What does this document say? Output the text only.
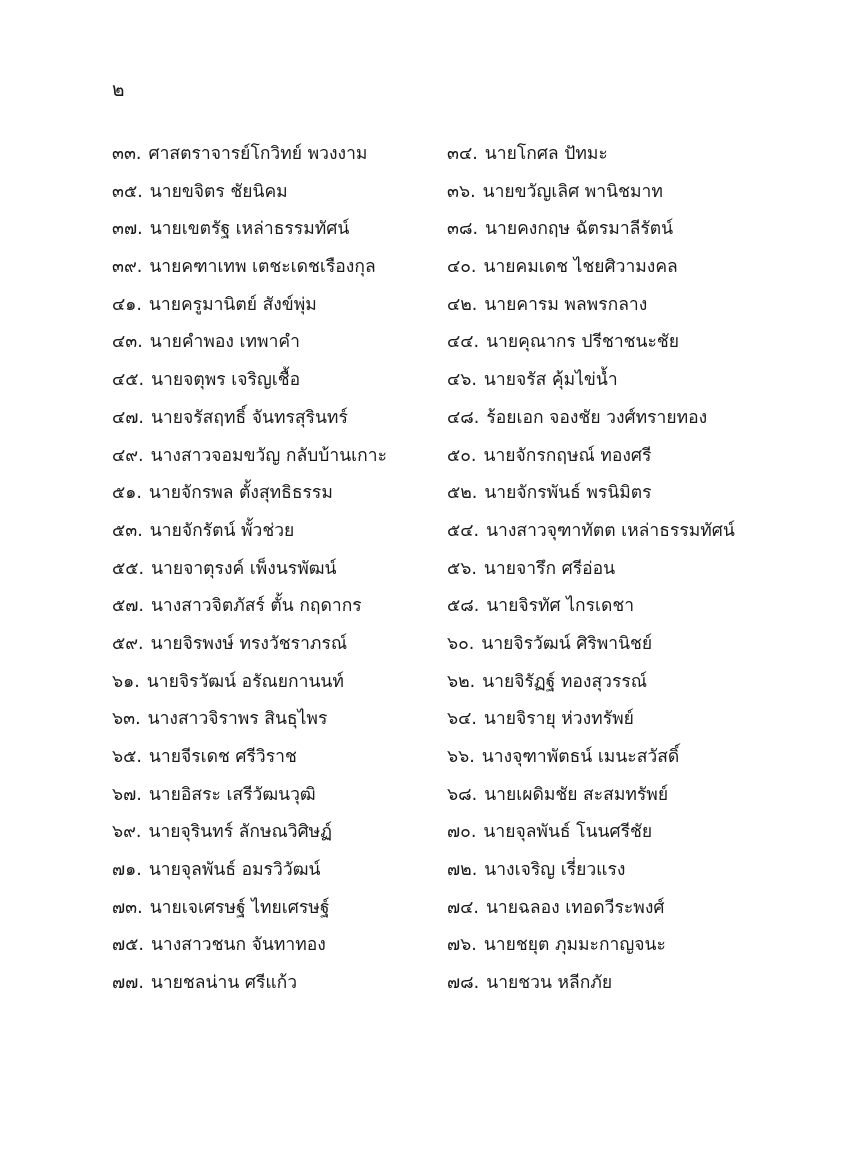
๒
๓๓. ศาสตราจารย์โกวิทย์ พวงงาม	๓๔. นายโกศล ปัทมะ
๓๕. นายขจิตร ชัยนิคม	๓๖. นายขวัญเลิศ พานิชมาท
๓๗. นายเขตรัฐ เหล่าธรรมทัศน์	๓๘. นายคงกฤษ ฉัตรมาลีรัตน์
๓๙. นายคฑาเทพ เตชะเดชเรืองกุล	๔๐. นายคมเดช ไชยศิวามงคล
๔๑. นายครูมานิตย์ สังข์พุ่ม	๔๒. นายคารม พลพรกลาง
๔๓. นายคำพอง เทพาคำ	๔๔. นายคุณากร ปรีชาชนะชัย
๔๕. นายจตุพร เจริญเชื้อ	๔๖. นายจรัส คุ้มไข่น้ำ
๔๗. นายจรัสฤทธิ์ จันทรสุรินทร์	๔๘. ร้อยเอก จองชัย วงศ์ทรายทอง
๔๙. นางสาวจอมขวัญ กลับบ้านเกาะ	๕๐. นายจักรกฤษณ์ ทองศรี
๕๑. นายจักรพล ตั้งสุทธิธรรม	๕๒. นายจักรพันธ์ พรนิมิตร
๕๓. นายจักรัตน์ พั้วช่วย	๕๔. นางสาวจุฑาทัตต เหล่าธรรมทัศน์
๕๕. นายจาตุรงค์ เพ็งนรพัฒน์	๕๖. นายจารึก ศรีอ่อน
๕๗. นางสาวจิตภัสร์ ตั้น กฤดากร	๕๘. นายจิรทัศ ไกรเดชา
๕๙. นายจิรพงษ์ ทรงวัชราภรณ์	๖๐. นายจิรวัฒน์ ศิริพานิชย์
๖๑. นายจิรวัฒน์ อรัณยกานนท์	๖๒. นายจิรัฏฐ์ ทองสุวรรณ์
๖๓. นางสาวจิราพร สินธุไพร	๖๔. นายจิรายุ ห่วงทรัพย์
๖๕. นายจีรเดช ศรีวิราช	๖๖. นางจุฑาพัตธน์ เมนะสวัสดิ์
๖๗. นายอิสระ เสรีวัฒนวุฒิ	๖๘. นายเผดิมชัย สะสมทรัพย์
๖๙. นายจุรินทร์ ลักษณวิศิษฏ์	๗๐. นายจุลพันธ์ โนนศรีชัย
๗๑. นายจุลพันธ์ อมรวิวัฒน์	๗๒. นางเจริญ เรี่ยวแรง
๗๓. นายเจเศรษฐ์ ไทยเศรษฐ์	๗๔. นายฉลอง เทอดวีระพงศ์
๗๕. นางสาวชนก จันทาทอง	๗๖. นายชยุต ภุมมะกาญจนะ
๗๗. นายชลน่าน ศรีแก้ว	๗๘. นายชวน หลีกภัย
